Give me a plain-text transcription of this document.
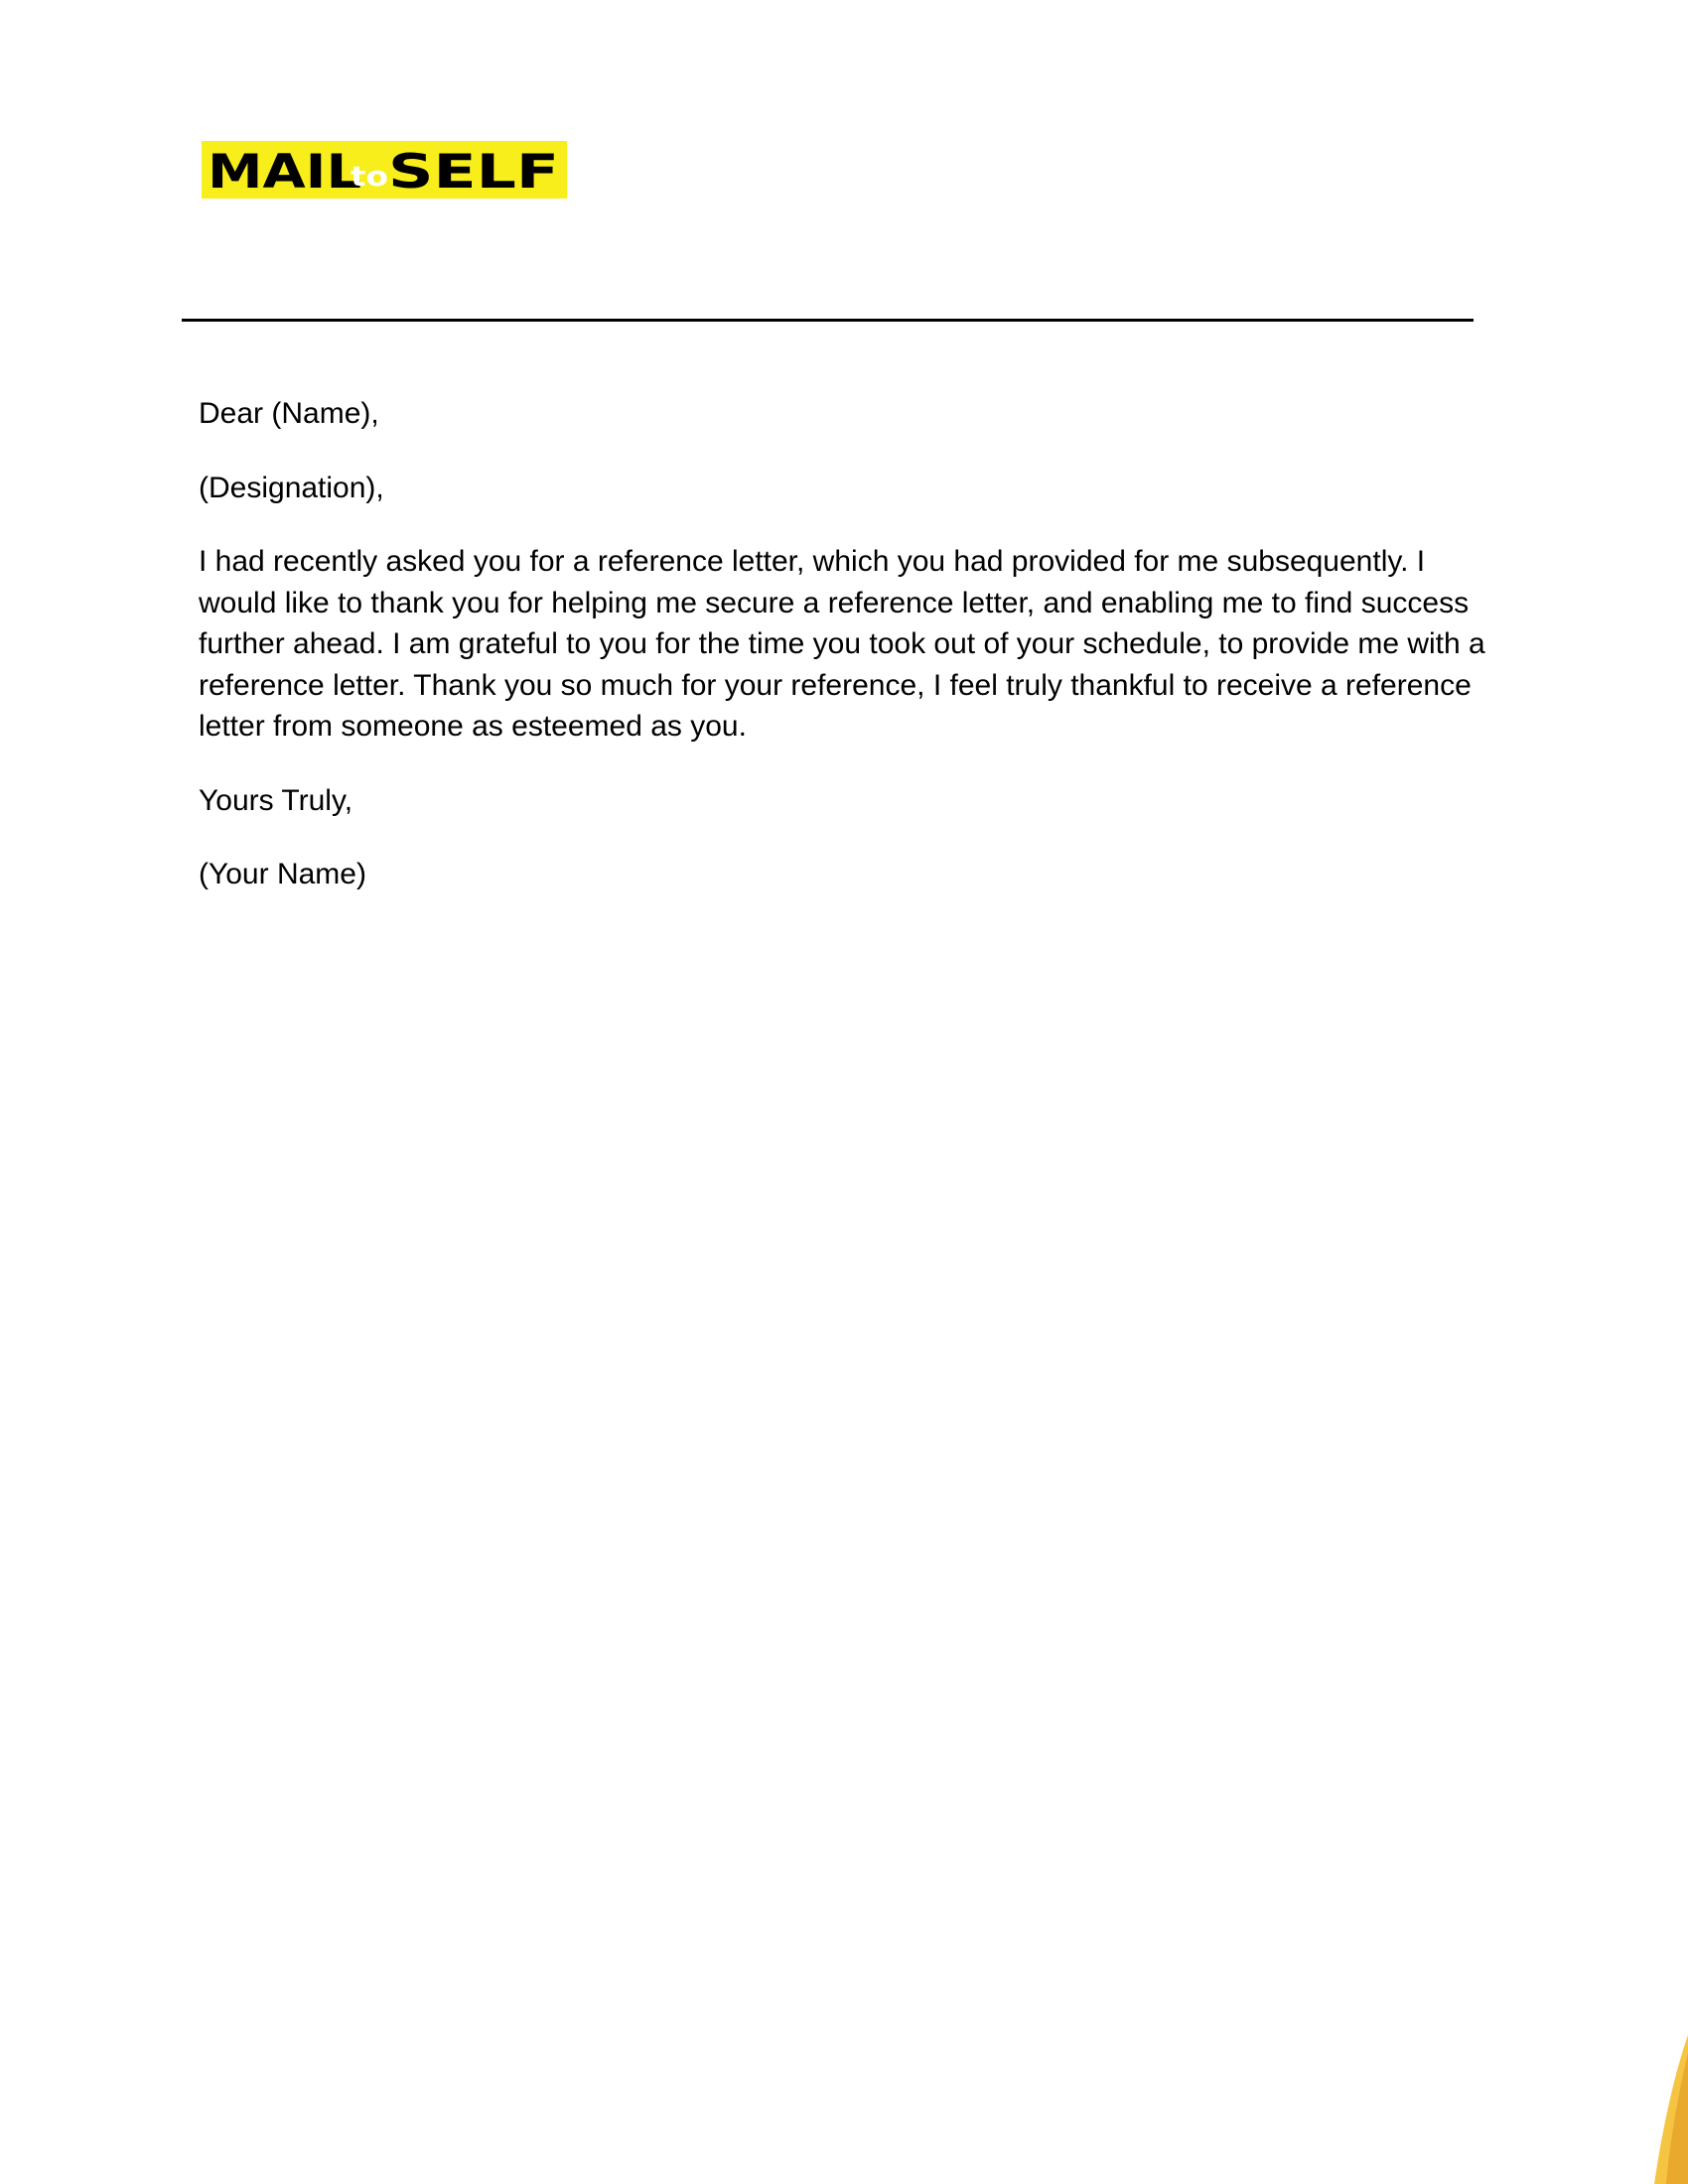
MAIL
to SELF

Dear (Name),

(Designation),

I had recently asked you for a reference letter, which you had provided for me subsequently. I would like to thank you for helping me secure a reference letter, and enabling me to find success further ahead. I am grateful to you for the time you took out of your schedule, to provide me with a reference letter. Thank you so much for your reference, I feel truly thankful to receive a reference letter from someone as esteemed as you.

Yours Truly,

(Your Name)
